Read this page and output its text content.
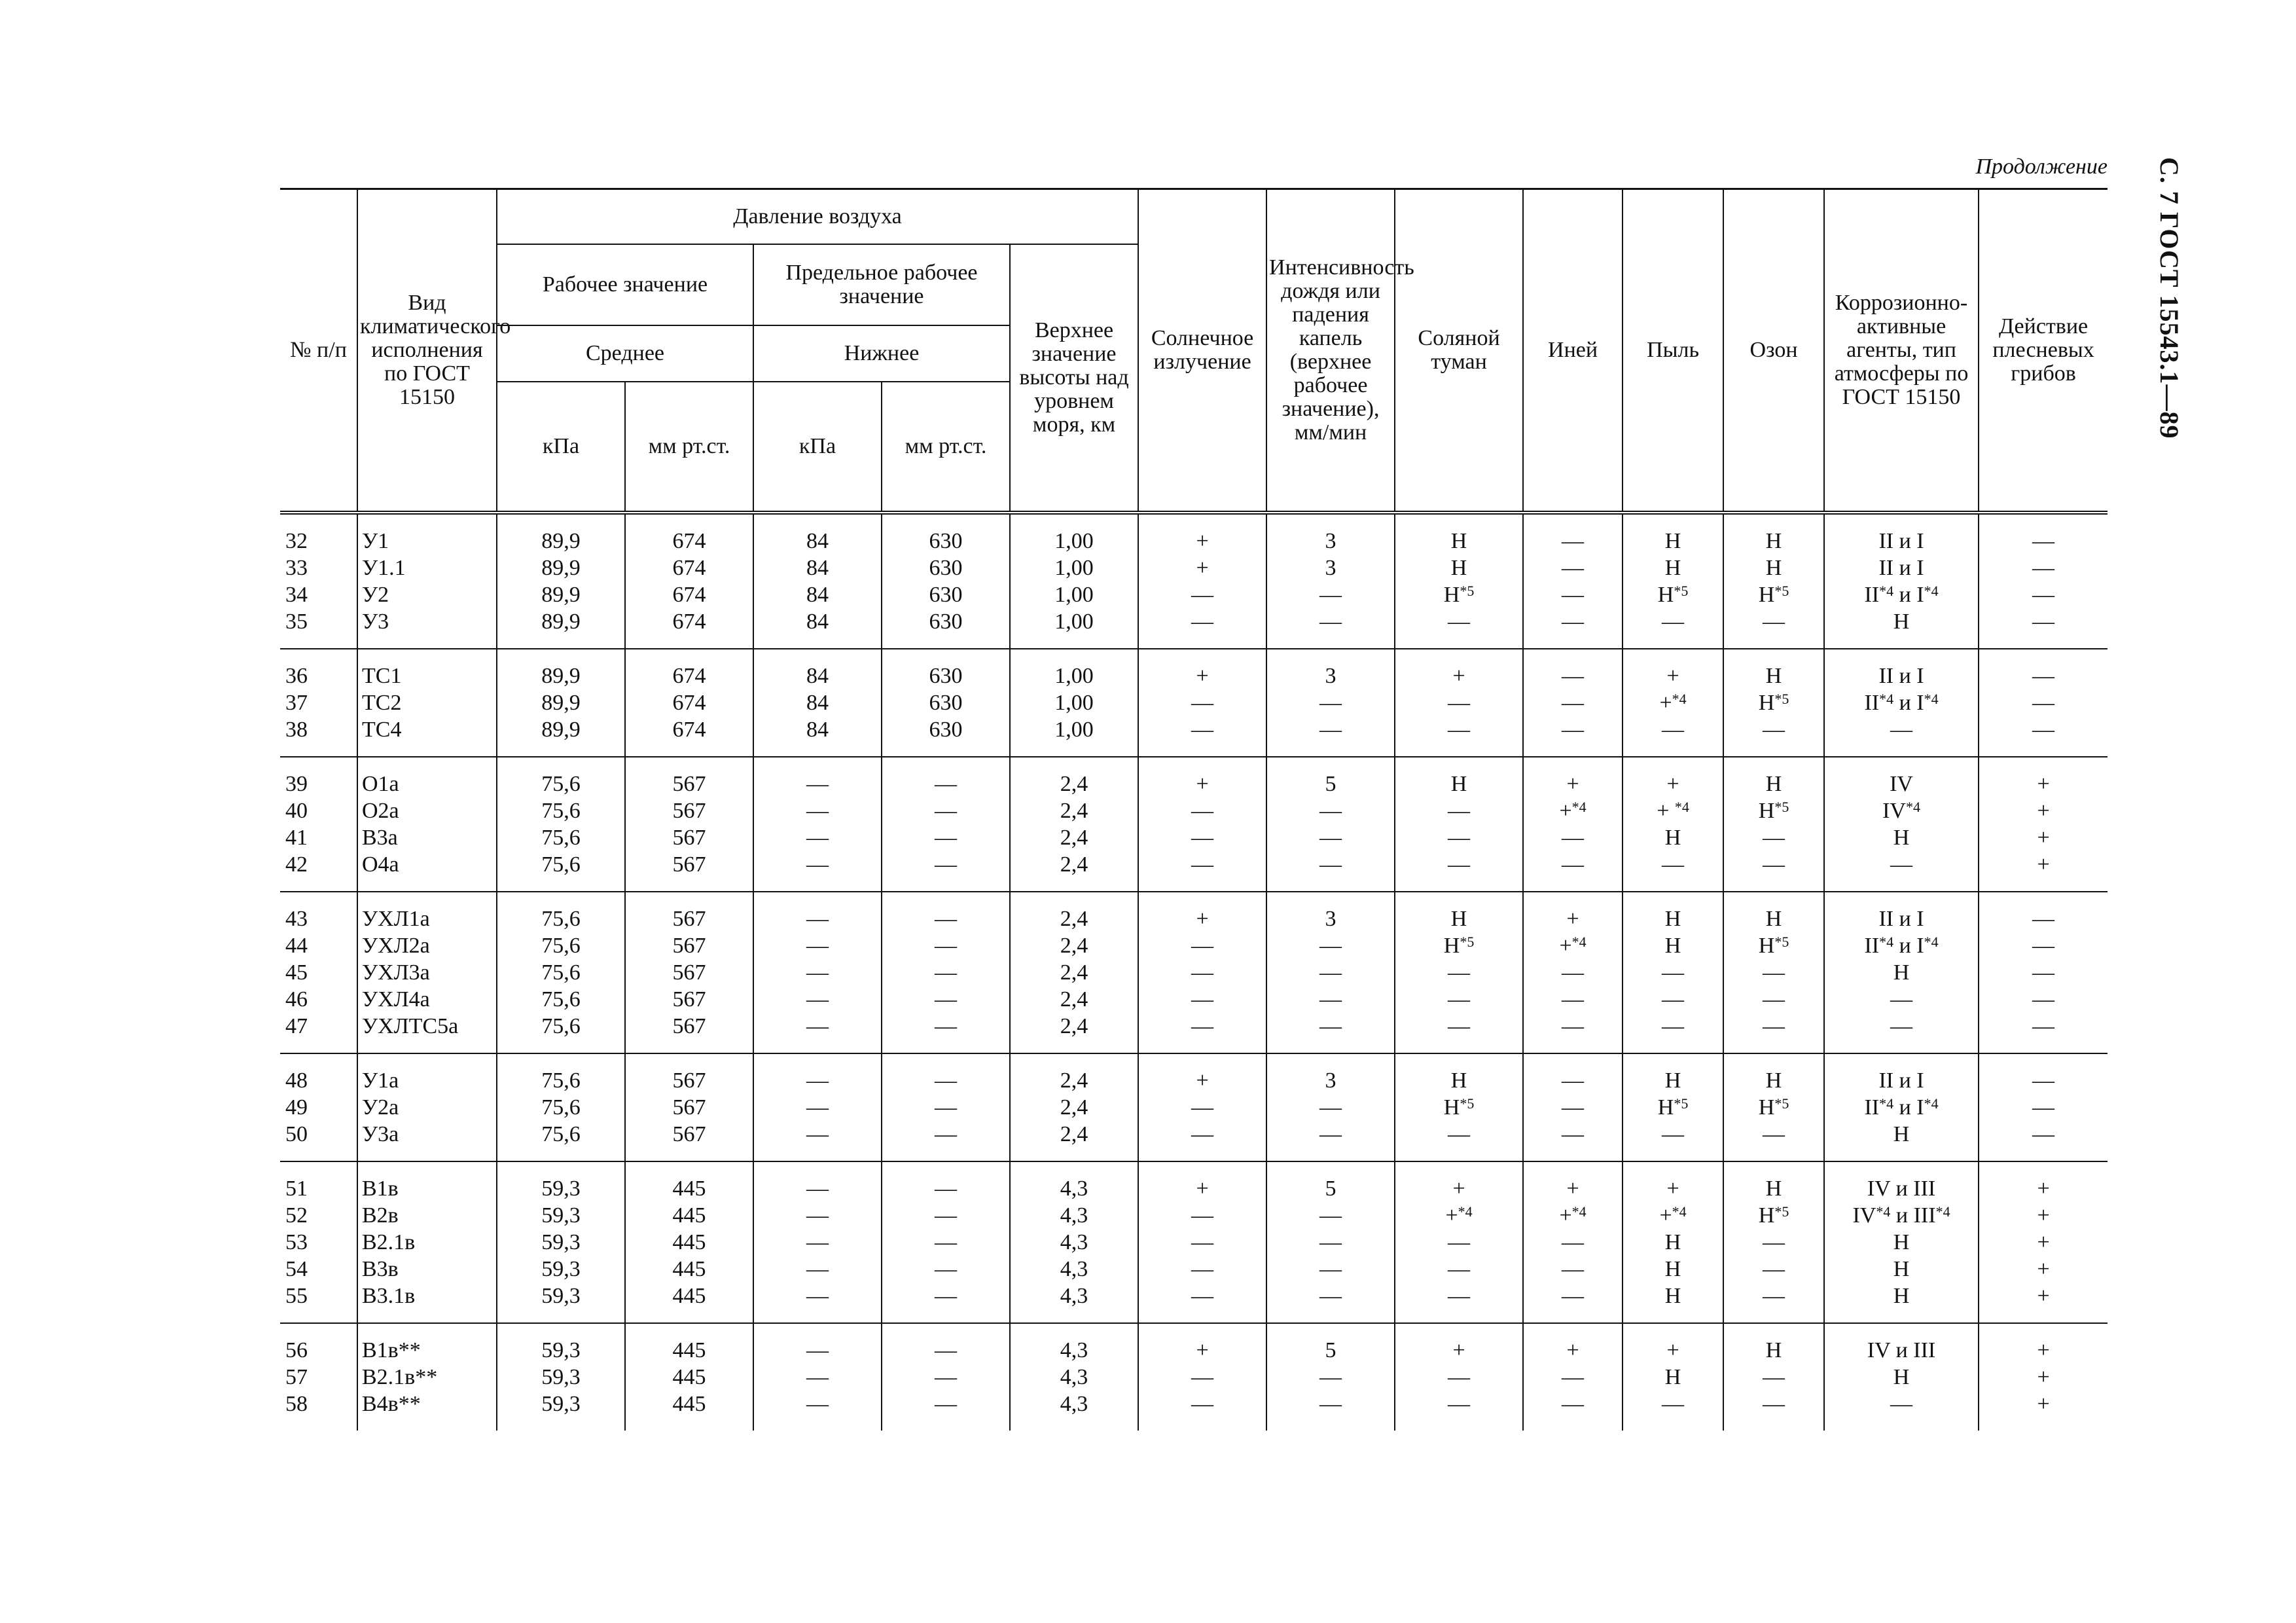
Продолжение С. 7 ГОСТ 15543.1—89
№ п/п	Вид климатического исполнения по ГОСТ 15150	Давление воздуха					Солнечное излучение	Интенсивность дождя или падения капель (верхнее рабочее значение), мм/мин	Соляной туман	Иней	Пыль	Озон	Коррозионно-активные агенты, тип атмосферы по ГОСТ 15150	Действие плесневых грибов
		Рабочее значение		Предельное рабочее значение		Верхнее значение высоты над уровнем моря, км								
		Среднее		Нижнее										
		кПа	мм рт.ст.	кПа	мм рт.ст.									
32	У1	89,9	674	84	630	1,00	+	3	Н	—	Н	Н	II и I	—
33	У1.1	89,9	674	84	630	1,00	+	3	Н	—	Н	Н	II и I	—
34	У2	89,9	674	84	630	1,00	—	—	$Н^{*5}$	—	$Н^{*5}$	$Н^{*5}$	II$^{*4}$ и $I^{*4}$	—
35	У3	89,9	674	84	630	1,00	—	—	—	—	—	—	Н	—
36	ТС1	89,9	674	84	630	1,00	+	3	+	—	+	Н	II и I	—
37	ТС2	89,9	674	84	630	1,00	—	—	—	—	+$^{*4}$	$Н^{*5}$	II$^{*4}$ и $I^{*4}$	—
38	ТС4	89,9	674	84	630	1,00	—	—	—	—	—	—	—	—
39	О1а	75,6	567	—	—	2,4	+	5	Н	+	+	Н	IV	+
40	О2а	75,6	567	—	—	2,4	—	—	—	+$^{*4}$	+ $^{*4}$	$Н^{*5}$	$IV^{*4}$	+
41	В3а	75,6	567	—	—	2,4	—	—	—	—	Н	—	Н	+
42	О4а	75,6	567	—	—	2,4	—	—	—	—	—	—	—	+
43	УХЛ1а	75,6	567	—	—	2,4	+	3	Н	+	Н	Н	II и I	—
44	УХЛ2а	75,6	567	—	—	2,4	—	—	$Н^{*5}$	+$^{*4}$	Н	$Н^{*5}$	II$^{*4}$ и $I^{*4}$	—
45	УХЛ3а	75,6	567	—	—	2,4	—	—	—	—	—	—	Н	—
46	УХЛ4а	75,6	567	—	—	2,4	—	—	—	—	—	—	—	—
47	УХЛТС5а	75,6	567	—	—	2,4	—	—	—	—	—	—	—	—
48	У1а	75,6	567	—	—	2,4	+	3	Н	—	Н	Н	II и I	—
49	У2а	75,6	567	—	—	2,4	—	—	$Н^{*5}$	—	$Н^{*5}$	$Н^{*5}$	II$^{*4}$ и $I^{*4}$	—
50	У3а	75,6	567	—	—	2,4	—	—	—	—	—	—	Н	—
51	В1в	59,3	445	—	—	4,3	+	5	+	+	+	Н	IV и III	+
52	В2в	59,3	445	—	—	4,3	—	—	+$^{*4}$	+$^{*4}$	+$^{*4}$	$Н^{*5}$	IV$^{*4}$ и $III^{*4}$	+
53	В2.1в	59,3	445	—	—	4,3	—	—	—	—	Н	—	Н	+
54	В3в	59,3	445	—	—	4,3	—	—	—	—	Н	—	Н	+
55	В3.1в	59,3	445	—	—	4,3	—	—	—	—	Н	—	Н	+
56	В1в**	59,3	445	—	—	4,3	+	5	+	+	+	Н	IV и III	+
57	В2.1в**	59,3	445	—	—	4,3	—	—	—	—	Н	—	Н	+
58	В4в**	59,3	445	—	—	4,3	—	—	—	—	—	—	—	+
